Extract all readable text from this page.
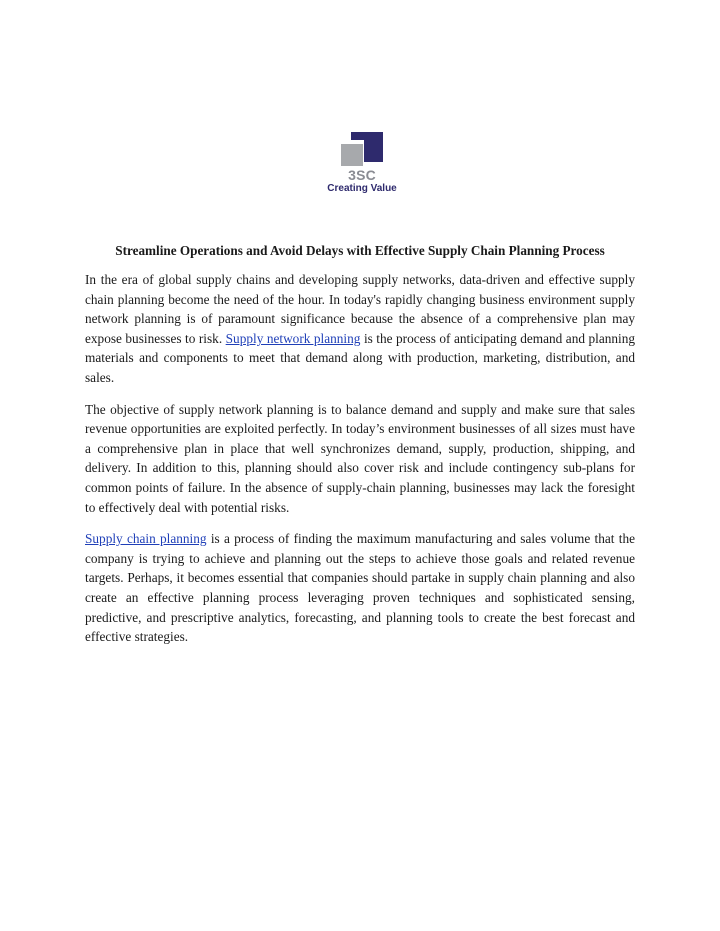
3SC
Creating Value
Streamline Operations and Avoid Delays with Effective Supply Chain Planning Process

In the era of global supply chains and developing supply networks, data-driven and effective supply chain planning become the need of the hour. In today's rapidly changing business environment supply network planning is of paramount significance because the absence of a comprehensive plan may expose businesses to risk. Supply network planning is the process of anticipating demand and planning materials and components to meet that demand along with production, marketing, distribution, and sales.

The objective of supply network planning is to balance demand and supply and make sure that sales revenue opportunities are exploited perfectly. In today’s environment businesses of all sizes must have a comprehensive plan in place that well synchronizes demand, supply, production, shipping, and delivery. In addition to this, planning should also cover risk and include contingency sub-plans for common points of failure. In the absence of supply-chain planning, businesses may lack the foresight to effectively deal with potential risks.

Supply chain planning is a process of finding the maximum manufacturing and sales volume that the company is trying to achieve and planning out the steps to achieve those goals and related revenue targets. Perhaps, it becomes essential that companies should partake in supply chain planning and also create an effective planning process leveraging proven techniques and sophisticated sensing, predictive, and prescriptive analytics, forecasting, and planning tools to create the best forecast and effective strategies.
